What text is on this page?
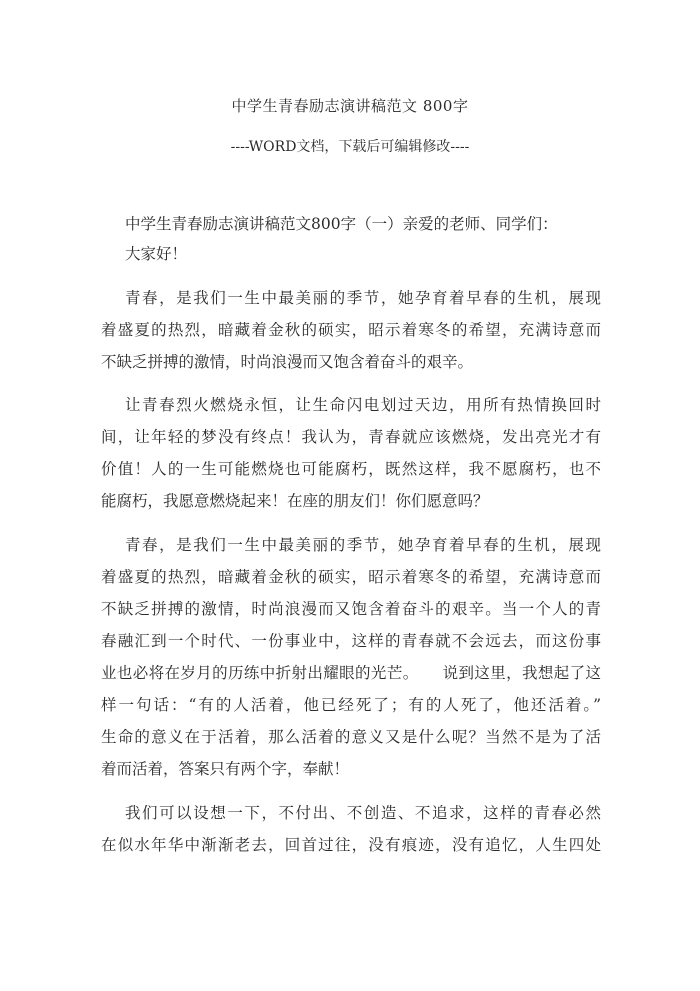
中学生青春励志演讲稿范文 800字
----WORD文档，下载后可编辑修改----
中学生青春励志演讲稿范文800字（一）亲爱的老师、同学们：
大家好！
青春，是我们一生中最美丽的季节，她孕育着早春的生机，展现
着盛夏的热烈，暗藏着金秋的硕实，昭示着寒冬的希望，充满诗意而
不缺乏拼搏的激情，时尚浪漫而又饱含着奋斗的艰辛。
让青春烈火燃烧永恒，让生命闪电划过天边，用所有热情换回时
间，让年轻的梦没有终点！我认为，青春就应该燃烧，发出亮光才有
价值！人的一生可能燃烧也可能腐朽，既然这样，我不愿腐朽，也不
能腐朽，我愿意燃烧起来！在座的朋友们！你们愿意吗？
青春，是我们一生中最美丽的季节，她孕育着早春的生机，展现
着盛夏的热烈，暗藏着金秋的硕实，昭示着寒冬的希望，充满诗意而
不缺乏拼搏的激情，时尚浪漫而又饱含着奋斗的艰辛。当一个人的青
春融汇到一个时代、一份事业中，这样的青春就不会远去，而这份事
业也必将在岁月的历练中折射出耀眼的光芒。　　说到这里，我想起了这
样一句话：“有的人活着，他已经死了；有的人死了，他还活着。”
生命的意义在于活着，那么活着的意义又是什么呢？当然不是为了活
着而活着，答案只有两个字，奉献！
我们可以设想一下，不付出、不创造、不追求，这样的青春必然
在似水年华中渐渐老去，回首过往，没有痕迹，没有追忆，人生四处
